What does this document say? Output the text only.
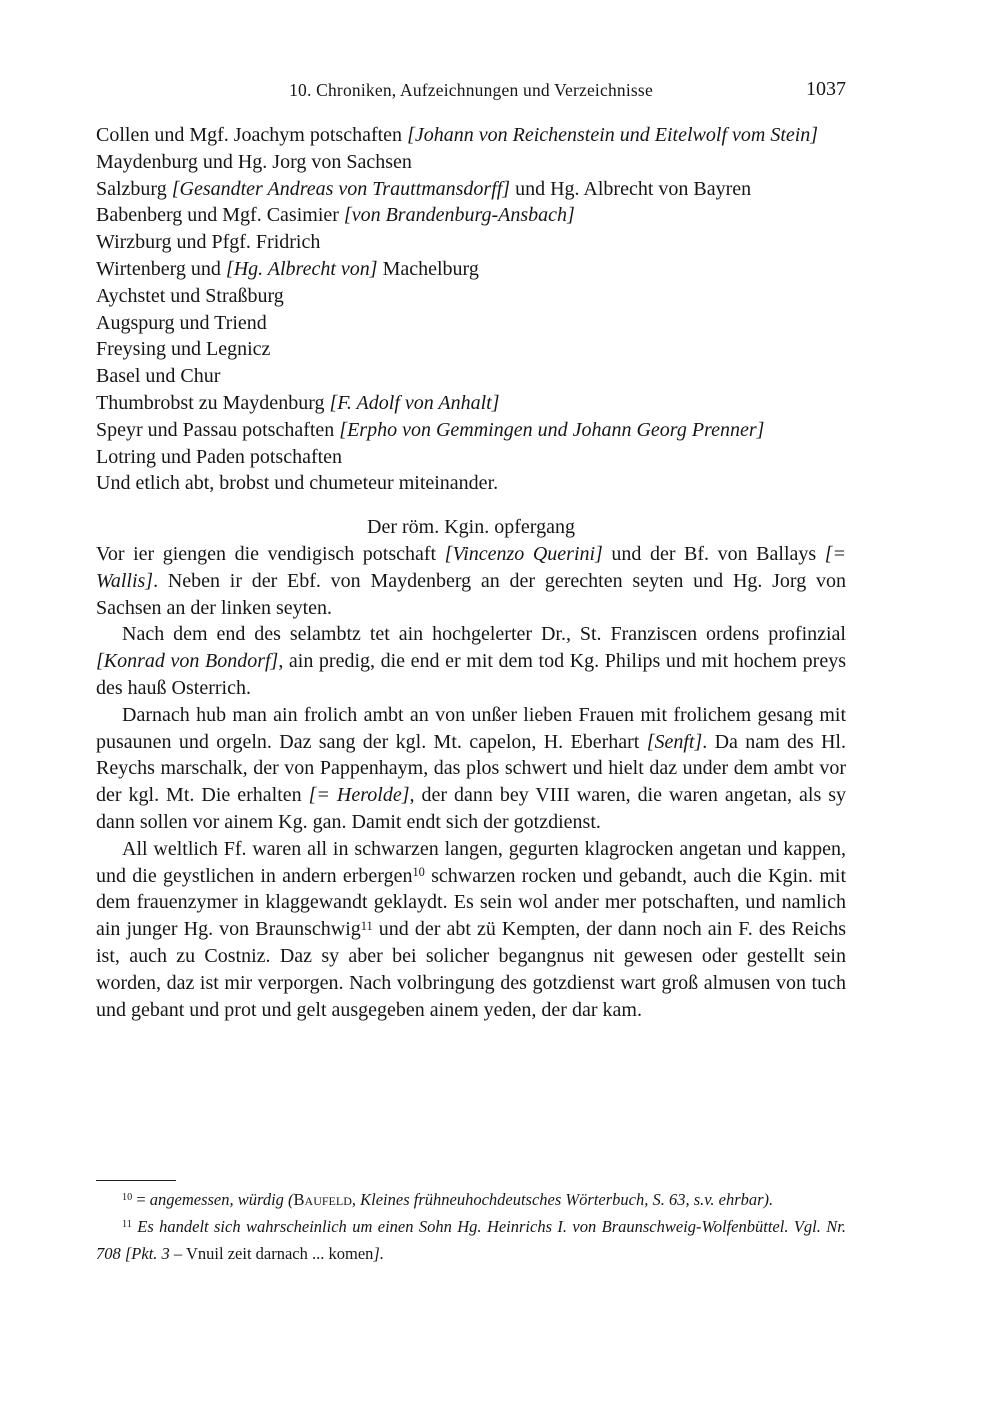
10. Chroniken, Aufzeichnungen und Verzeichnisse	1037
Collen und Mgf. Joachym potschaften [Johann von Reichenstein und Eitelwolf vom Stein]
Maydenburg und Hg. Jorg von Sachsen
Salzburg [Gesandter Andreas von Trauttmansdorff] und Hg. Albrecht von Bayren
Babenberg und Mgf. Casimier [von Brandenburg-Ansbach]
Wirzburg und Pfgf. Fridrich
Wirtenberg und [Hg. Albrecht von] Machelburg
Aychstet und Straßburg
Augspurg und Triend
Freysing und Legnicz
Basel und Chur
Thumbrobst zu Maydenburg [F. Adolf von Anhalt]
Speyr und Passau potschaften [Erpho von Gemmingen und Johann Georg Prenner]
Lotring und Paden potschaften
Und etlich abt, brobst und chumeteur miteinander.
Der röm. Kgin. opfergang
Vor ier giengen die vendigisch potschaft [Vincenzo Querini] und der Bf. von Ballays [= Wallis]. Neben ir der Ebf. von Maydenberg an der gerechten seyten und Hg. Jorg von Sachsen an der linken seyten.
Nach dem end des selambtz tet ain hochgelerter Dr., St. Franziscen ordens profinzial [Konrad von Bondorf], ain predig, die end er mit dem tod Kg. Philips und mit hochem preys des hauß Osterrich.
Darnach hub man ain frolich ambt an von unßer lieben Frauen mit frolichem gesang mit pusaunen und orgeln. Daz sang der kgl. Mt. capelon, H. Eberhart [Senft]. Da nam des Hl. Reychs marschalk, der von Pappenhaym, das plos schwert und hielt daz under dem ambt vor der kgl. Mt. Die erhalten [= Herolde], der dann bey VIII waren, die waren angetan, als sy dann sollen vor ainem Kg. gan. Damit endt sich der gotzdienst.
All weltlich Ff. waren all in schwarzen langen, gegurten klagrocken angetan und kappen, und die geystlichen in andern erbergen$^{10}$ schwarzen rocken und gebandt, auch die Kgin. mit dem frauenzymer in klaggewandt geklaydt. Es sein wol ander mer potschaften, und namlich ain junger Hg. von Braunschwig$^{11}$ und der abt zü Kempten, der dann noch ain F. des Reichs ist, auch zu Costniz. Daz sy aber bei solicher begangnus nit gewesen oder gestellt sein worden, daz ist mir verporgen. Nach volbringung des gotzdienst wart groß almusen von tuch und gebant und prot und gelt ausgegeben ainem yeden, der dar kam.
$^{10}$ = angemessen, würdig (Baufeld, Kleines frühneuhochdeutsches Wörterbuch, S. 63, s.v. ehrbar).
$^{11}$ Es handelt sich wahrscheinlich um einen Sohn Hg. Heinrichs I. von Braunschweig-Wolfenbüttel. Vgl. Nr. 708 [Pkt. 3 – Vnuil zeit darnach ... komen].
